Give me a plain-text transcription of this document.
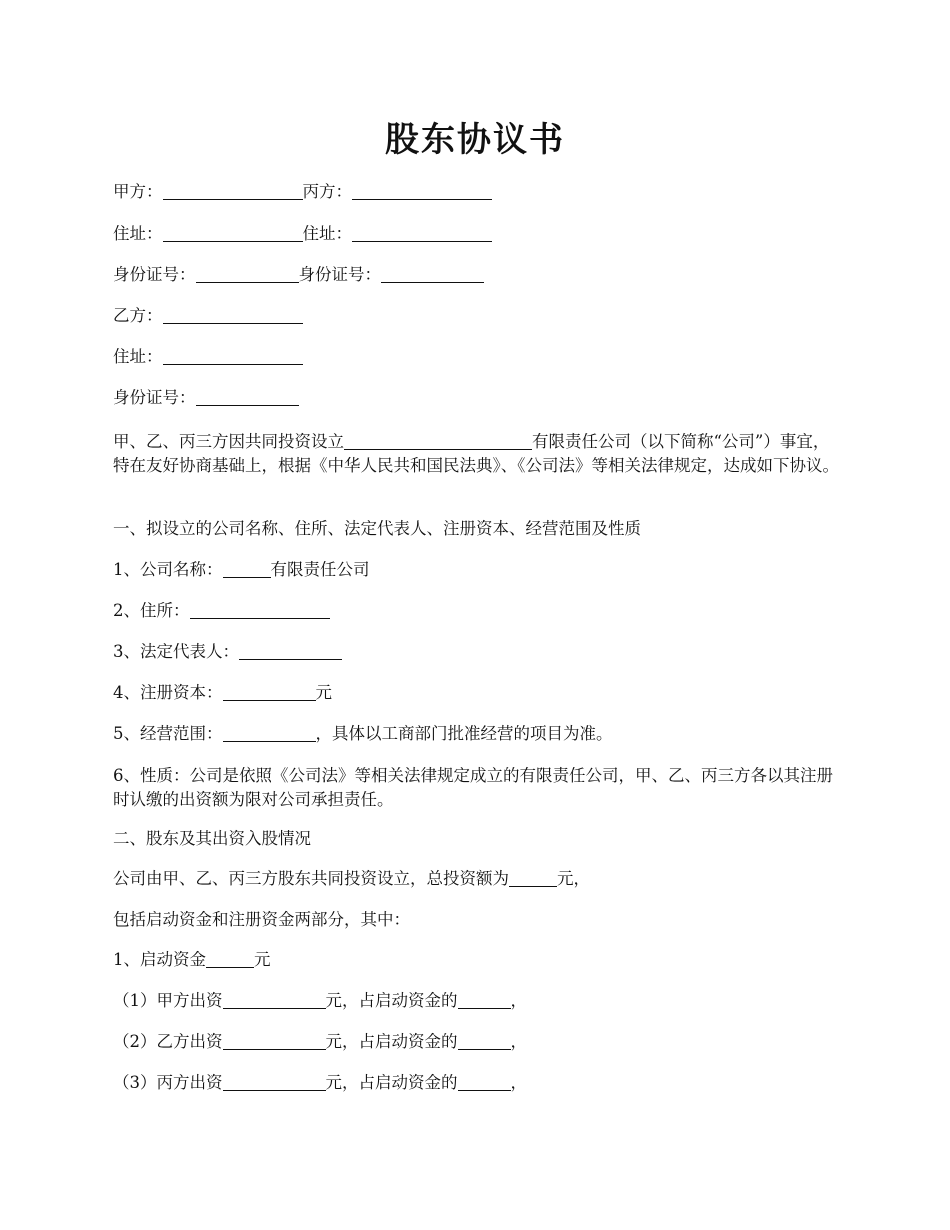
股东协议书
甲方：	丙方：
住址：	住址：
身份证号：	身份证号：
乙方：
住址：
身份证号：
甲、乙、丙三方因共同投资设立	有限责任公司（以下简称“公司”）事宜，特在友好协商基础上，根据《中华人民共和国民法典》、《公司法》等相关法律规定，达成如下协议。
一、拟设立的公司名称、住所、法定代表人、注册资本、经营范围及性质
1、公司名称：	有限责任公司
2、住所：
3、法定代表人：
4、注册资本：	元
5、经营范围：	，具体以工商部门批准经营的项目为准。
6、性质：公司是依照《公司法》等相关法律规定成立的有限责任公司，甲、乙、丙三方各以其注册时认缴的出资额为限对公司承担责任。
二、股东及其出资入股情况
公司由甲、乙、丙三方股东共同投资设立，总投资额为	元，
包括启动资金和注册资金两部分，其中：
1、启动资金	元
（1）甲方出资	元，占启动资金的	，
（2）乙方出资	元，占启动资金的	，
（3）丙方出资	元，占启动资金的	，
